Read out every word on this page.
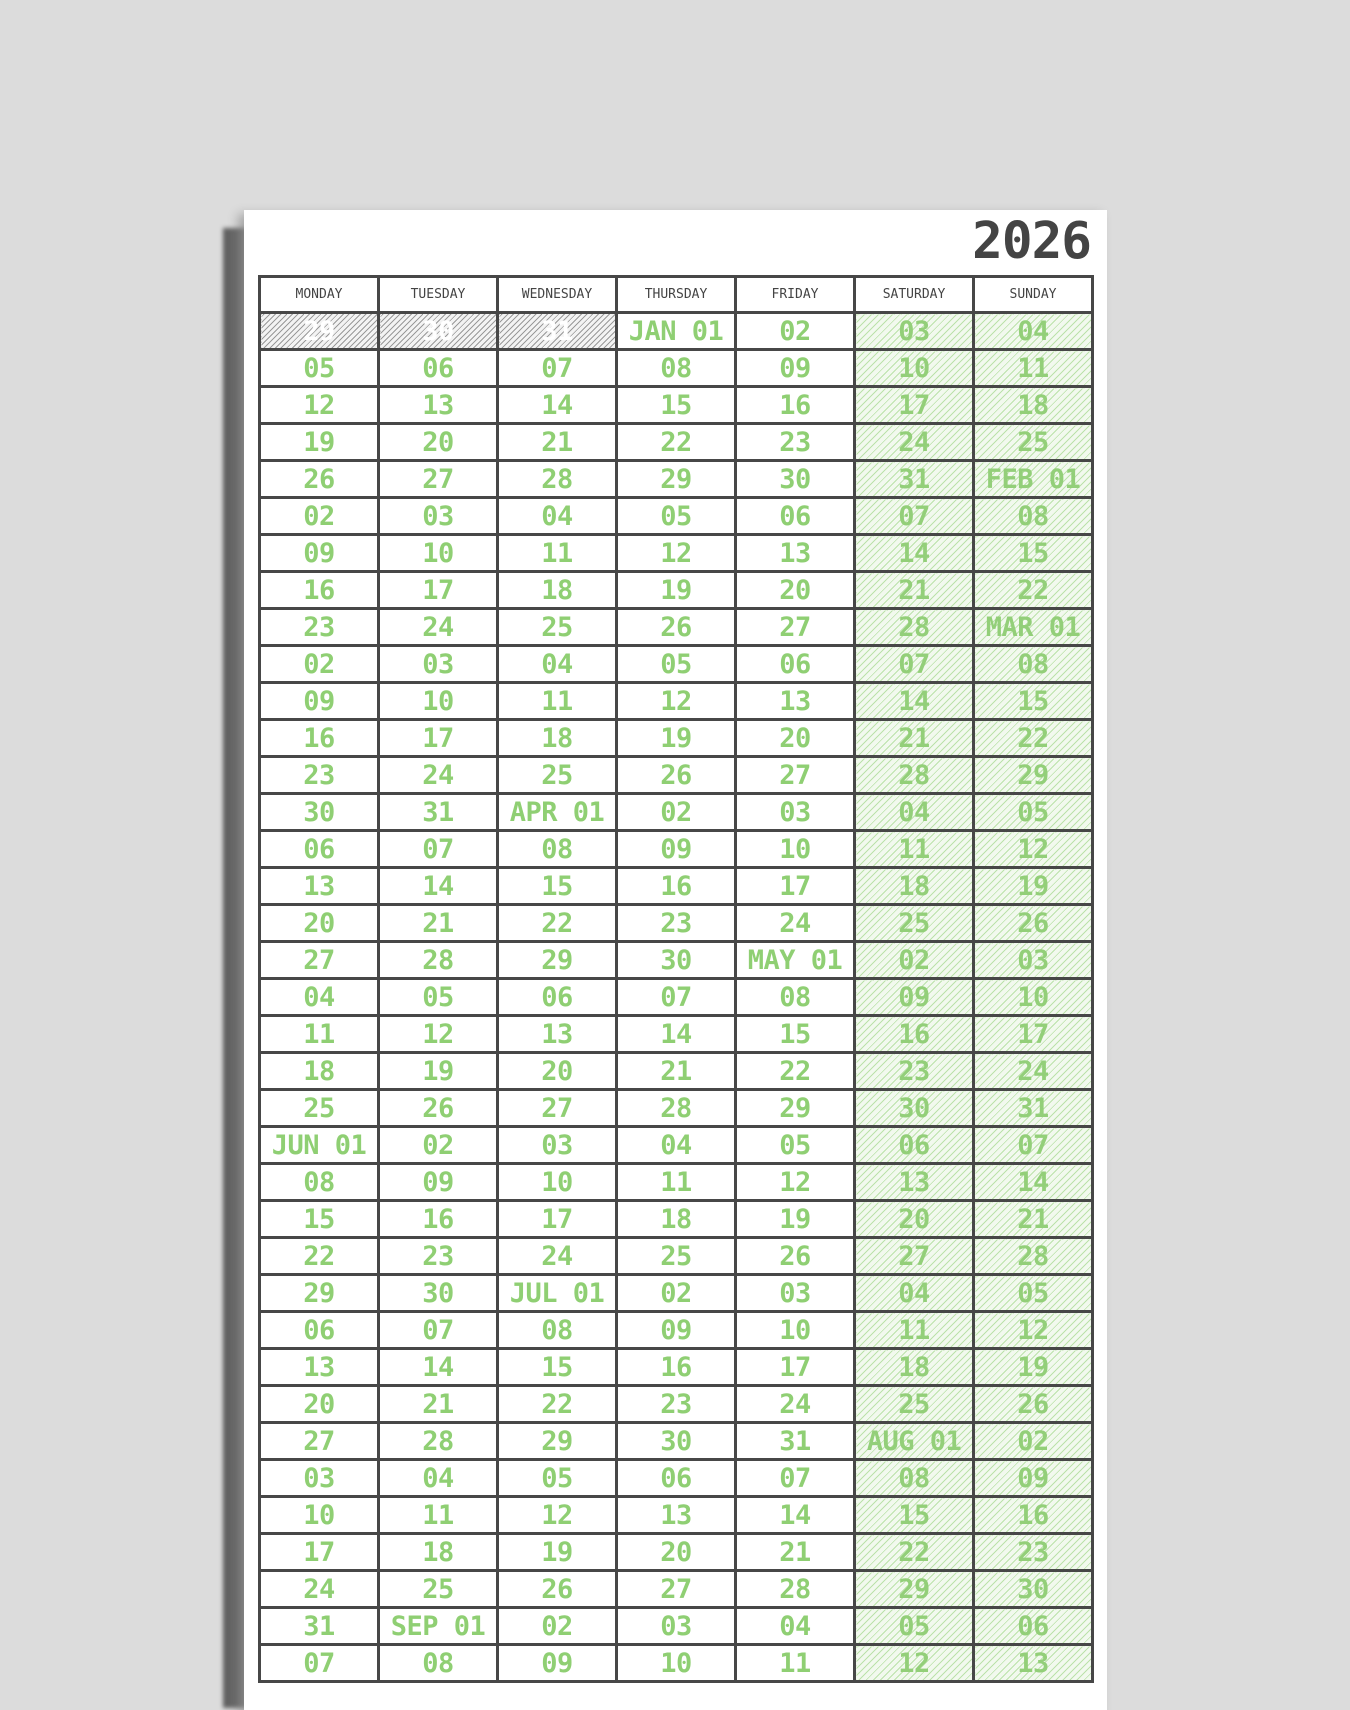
2026
MONDAY	TUESDAY	WEDNESDAY	THURSDAY	FRIDAY	SATURDAY	SUNDAY
29	30	31	JAN 01	02	03	04
05	06	07	08	09	10	11
12	13	14	15	16	17	18
19	20	21	22	23	24	25
26	27	28	29	30	31	FEB 01
02	03	04	05	06	07	08
09	10	11	12	13	14	15
16	17	18	19	20	21	22
23	24	25	26	27	28	MAR 01
02	03	04	05	06	07	08
09	10	11	12	13	14	15
16	17	18	19	20	21	22
23	24	25	26	27	28	29
30	31	APR 01	02	03	04	05
06	07	08	09	10	11	12
13	14	15	16	17	18	19
20	21	22	23	24	25	26
27	28	29	30	MAY 01	02	03
04	05	06	07	08	09	10
11	12	13	14	15	16	17
18	19	20	21	22	23	24
25	26	27	28	29	30	31
JUN 01	02	03	04	05	06	07
08	09	10	11	12	13	14
15	16	17	18	19	20	21
22	23	24	25	26	27	28
29	30	JUL 01	02	03	04	05
06	07	08	09	10	11	12
13	14	15	16	17	18	19
20	21	22	23	24	25	26
27	28	29	30	31	AUG 01	02
03	04	05	06	07	08	09
10	11	12	13	14	15	16
17	18	19	20	21	22	23
24	25	26	27	28	29	30
31	SEP 01	02	03	04	05	06
07	08	09	10	11	12	13
